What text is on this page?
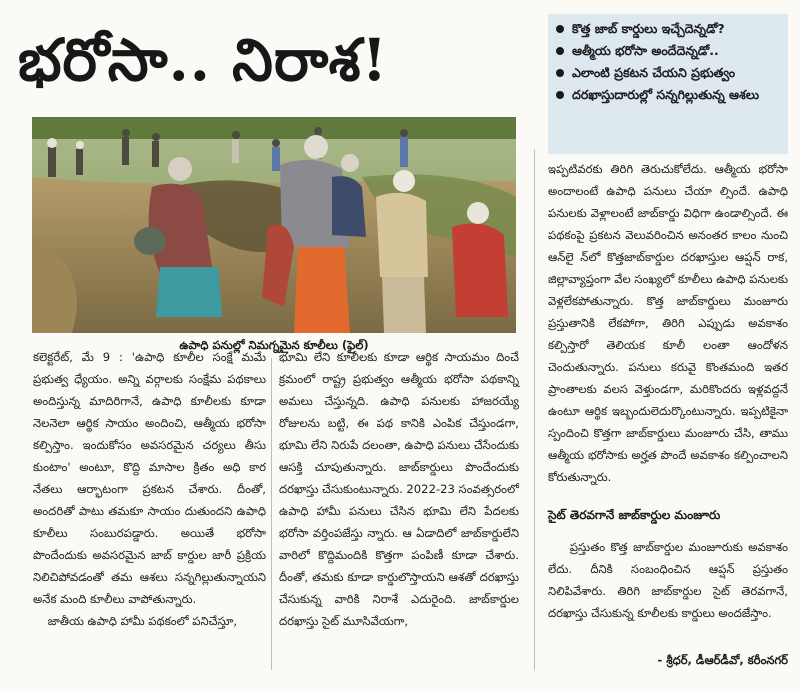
భరోసా.. నిరాశ!	కొత్త జాబ్ కార్డులు ఇచ్చేదెన్నడో?
ఆత్మీయ భరోసా అందేదెన్నడో..
ఎలాంటి ప్రకటన చేయని ప్రభుత్వం
దరఖాస్తుదారుల్లో సన్నగిల్లుతున్న ఆశలు
ఉపాధి పనుల్లో నిమగ్నమైన కూలీలు (ఫైల్)
కలెక్టరేట్, మే 9 : 'ఉపాధి కూలీల సంక్షే మమే ప్రభుత్వ ధ్యేయం. అన్ని వర్గాలకు సంక్షేమ పథకాలు అందిస్తున్న మాదిరిగానే, ఉపాధి కూలీలకు కూడా నెలనెలా ఆర్థిక సాయం అందించి, ఆత్మీయ భరోసా కల్పిస్తాం. ఇందుకోసం అవసరమైన చర్యలు తీసు కుంటాం' అంటూ, కొద్ది మాసాల క్రితం అధి కార నేతలు ఆర్భాటంగా ప్రకటన చేశారు. దీంతో, అందరితో పాటు తమకూ సాయం దుతుందని ఉపాధి కూలీలు సంబురపడ్డారు. అయితే భరోసా పొందేందుకు అవసరమైన జాబ్ కార్డుల జారీ ప్రక్రియ నిలిచిపోవడంతో తమ ఆశలు సన్నగిల్లుతున్నాయని అనేక మంది కూలీలు వాపోతున్నారు.
జాతీయ ఉపాధి హామీ పథకంలో పనిచేస్తూ,
భూమి లేని కూలీలకు కూడా ఆర్థిక సాయమం దించే క్రమంలో రాష్ట్ర ప్రభుత్వం ఆత్మీయ భరోసా పథకాన్ని అమలు చేస్తున్నది. ఉపాధి పనులకు హాజరయ్యే రోజులను బట్టి, ఈ పథ కానికి ఎంపిక చేస్తుండగా, భూమి లేని నిరుపే దలంతా, ఉపాధి పనులు చేసేందుకు ఆసక్తి చూపుతున్నారు. జాబ్‌కార్డులు పొందేందుకు దరఖాస్తు చేసుకుంటున్నారు. 2022-23 సంవత్సరంలో ఉపాధి హామీ పనులు చేసిన భూమి లేని పేదలకు భరోసా వర్తింపజేస్తు న్నారు. ఆ ఏడాదిలో జాబ్‌కార్డులేని వారిలో కొద్దిమందికి కొత్తగా పంపిణీ కూడా చేశారు. దీంతో, తమకు కూడా కార్డులొస్తాయని ఆశతో దరఖాస్తు చేసుకున్న వారికి నిరాశే ఎదురైంది. జాబ్‌కార్డుల దరఖాస్తు సైట్ మూసివేయగా,
ఇప్పటివరకు తిరిగి తెరుచుకోలేదు. ఆత్మీయ భరోసా అందాలంటే ఉపాధి పనులు చేయా ల్సిందే. ఉపాధి పనులకు వెళ్లాలంటే జాబ్‌కార్డు విధిగా ఉండాల్సిందే. ఈ పథకంపై ప్రకటన వెలువరించిన అనంతర కాలం నుంచి ఆన్‌లై న్‌లో కొత్తజాబ్‌కార్డుల దరఖాస్తుల ఆప్షన్ రాక, జిల్లావ్యాప్తంగా వేల సంఖ్యలో కూలీలు ఉపాధి పనులకు వెళ్లలేకపోతున్నారు. కొత్త జాబ్‌కార్డులు మంజూరు ప్రస్తుతానికి లేకపోగా, తిరిగి ఎప్పుడు అవకాశం కల్పిస్తారో తెలియక కూలీ లంతా ఆందోళన చెందుతున్నారు. పనులు కరువై కొంతమంది ఇతర ప్రాంతాలకు వలస వెళ్తుండగా, మరికొందరు ఇళ్లవద్దనే ఉంటూ ఆర్థిక ఇబ్బందులెదుర్కొంటున్నారు. ఇప్పటికైనా స్పందించి కొత్తగా జాబ్‌కార్డులు మంజూరు చేసి, తాము ఆత్మీయ భరోసాకు అర్హత పొందే అవకాశం కల్పించాలని కోరుతున్నారు.
సైట్ తెరవగానే జాబ్‌కార్డుల మంజూరు
ప్రస్తుతం కొత్త జాబ్‌కార్డుల మంజూరుకు అవకాశం లేదు. దీనికి సంబంధించిన ఆప్షన్ ప్రస్తుతం నిలిపివేశారు. తిరిగి జాబ్‌కార్డుల సైట్ తెరవగానే, దరఖాస్తు చేసుకున్న కూలీలకు కార్డులు అందజేస్తాం.
- శ్రీధర్, డీఆర్‌డీవో, కరీంనగర్
